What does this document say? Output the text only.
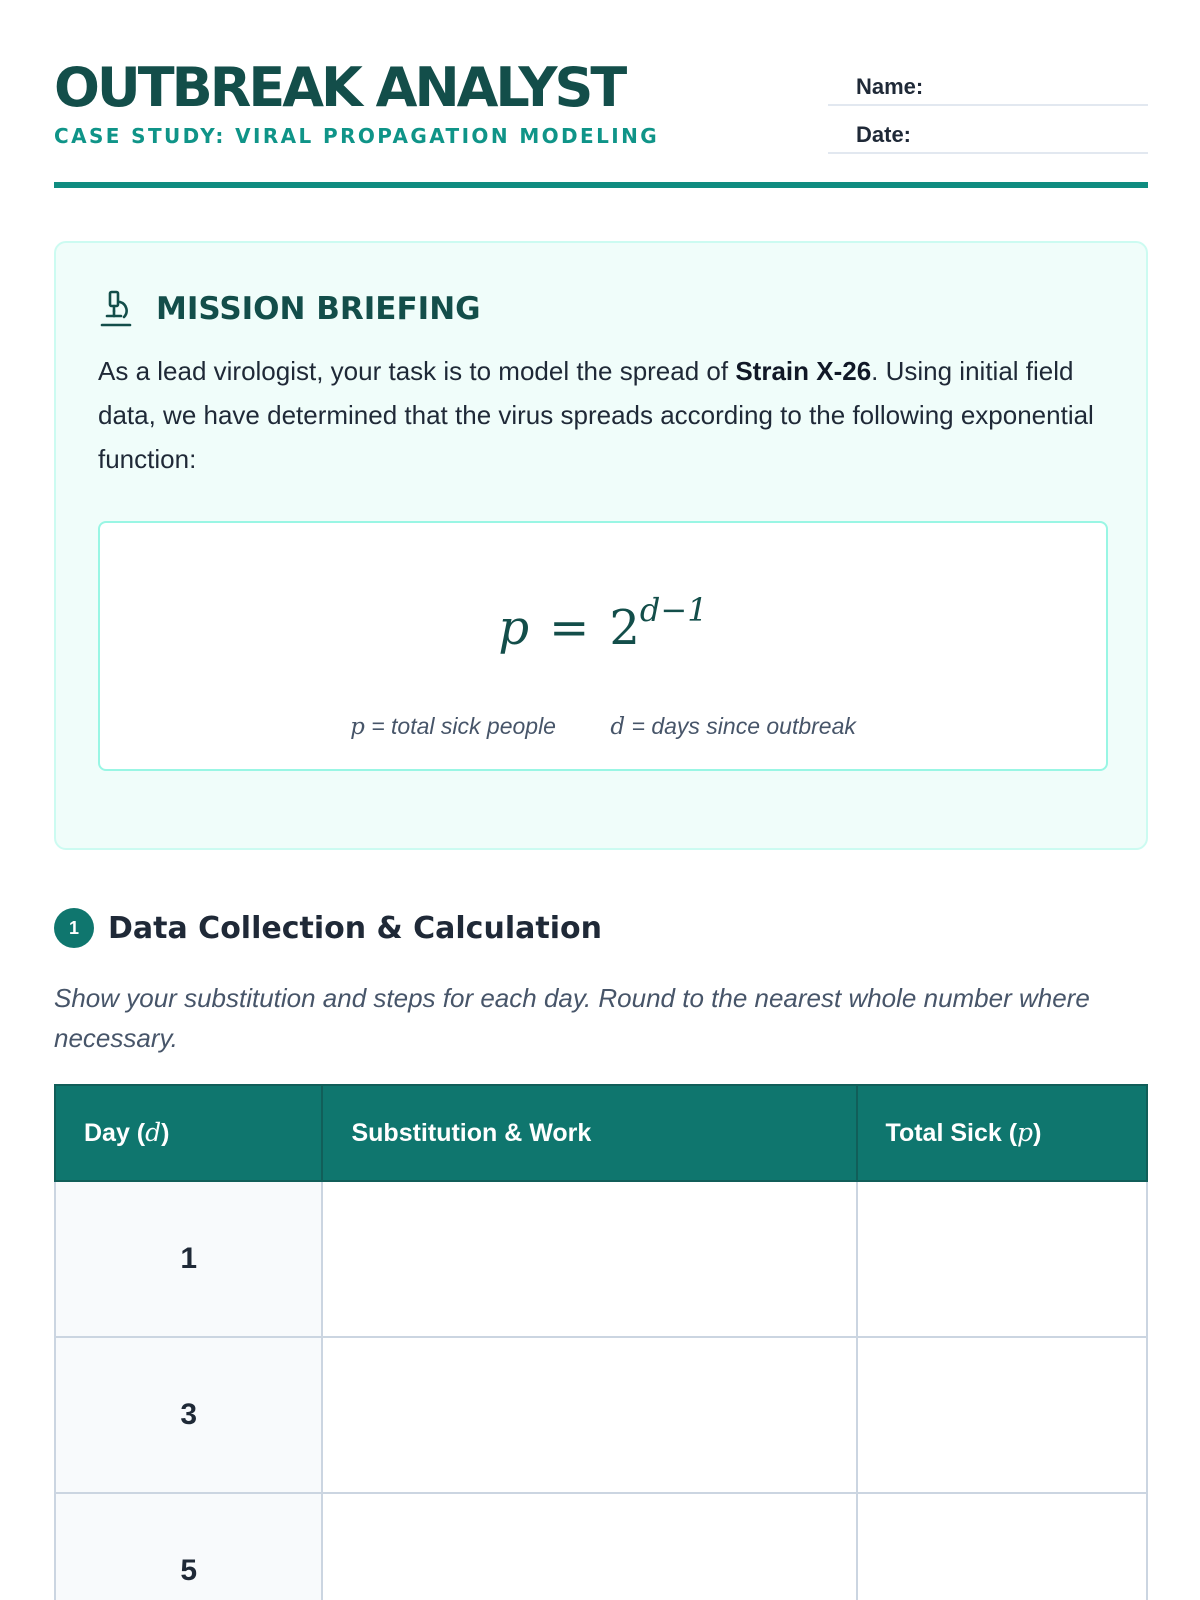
OUTBREAK ANALYST
CASE STUDY: VIRAL PROPAGATION MODELING
Name:
Date:
MISSION BRIEFING

As a lead virologist, your task is to model the spread of Strain X-26. Using initial field data, we have determined that the virus spreads according to the following exponential function:

$p = 2^{d-1}$
p = total sick people d = days since outbreak
1 Data Collection & Calculation

Show your substitution and steps for each day. Round to the nearest whole number where necessary.

Day (d)	Substitution & Work	Total Sick (p)
1		
3		
5		
